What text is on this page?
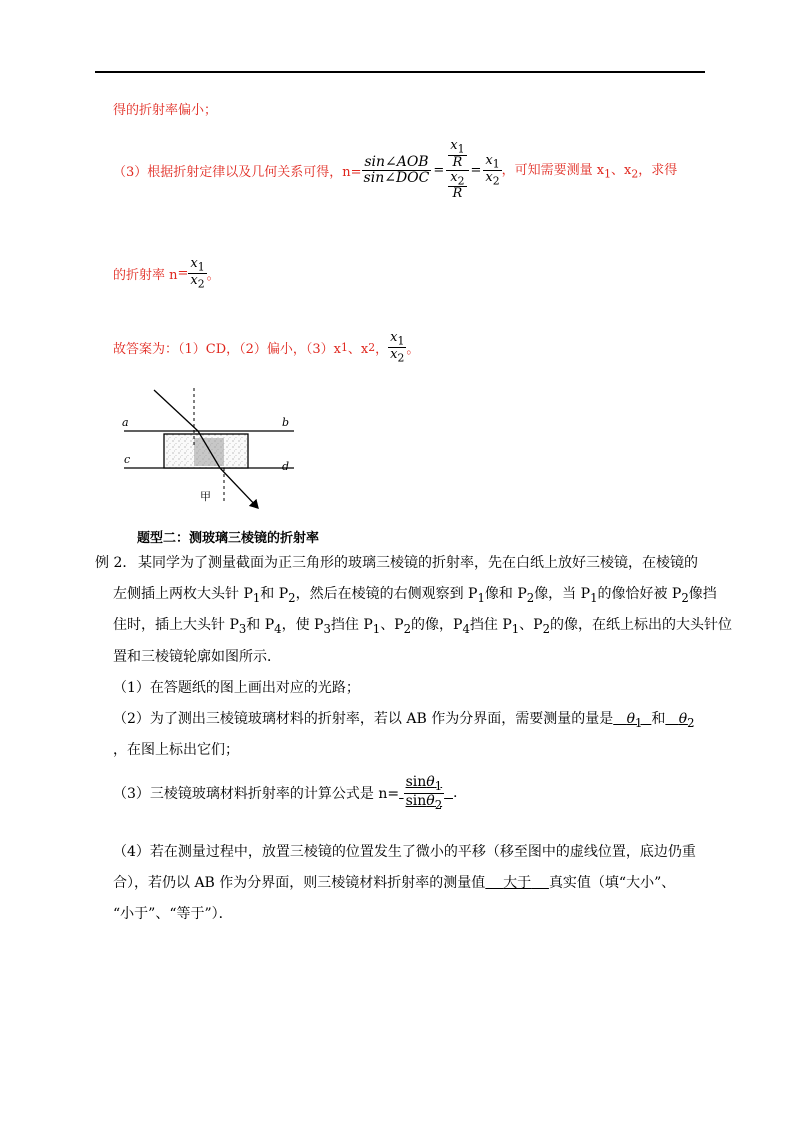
得的折射率偏小；
（3）根据折射定律以及几何关系可得，$n= \frac{\text{sin∠AOB}}{\text{sin∠DOC}} = \frac{\frac{x_1}{R}}{\frac{x_2}{R}} = \frac{x_1}{x_2}$ ，可知需要测量 $x_1$、$x_2$，求得
的折射率 $n = \frac{x_1}{x_2}$ 。
故答案为：（1）CD，（2）偏小，（3）x 1 、x 2 ， $\frac{x_1}{x_2}$ 。
a	b
c
d
甲
题型二：测玻璃三棱镜的折射率
例 2． 某同学为了测量截面为正三角形的玻璃三棱镜的折射率，先在白纸上放好三棱镜，在棱镜的
左侧插上两枚大头针 $P_1$和 $P_2$，然后在棱镜的右侧观察到 $P_1$像和 $P_2$像，当 $P_1$的像恰好被 $P_2$像挡
住时，插上大头针 $P_3$和 $P_4$，使 $P_3$挡住 $P_1$、$P_2$的像，$P_4$挡住 $P_1$、$P_2$的像，在纸上标出的大头针位
置和三棱镜轮廓如图所示．
（1）在答题纸的图上画出对应的光路；
（2）为了测出三棱镜玻璃材料的折射率，若以 AB 作为分界面，需要测量的量是 $\theta_1$ 和 $\theta_2$
，在图上标出它们；
（3）三棱镜玻璃材料折射率的计算公式是 n=
$\frac{\sin\theta_1}{\sin\theta_2}$
.
（4）若在测量过程中，放置三棱镜的位置发生了微小的平移（移至图中的虚线位置，底边仍重
合），若仍以 AB 作为分界面，则三棱镜材料折射率的测量值 大于 真实值（填“大小”、
“小于”、“等于”）．
